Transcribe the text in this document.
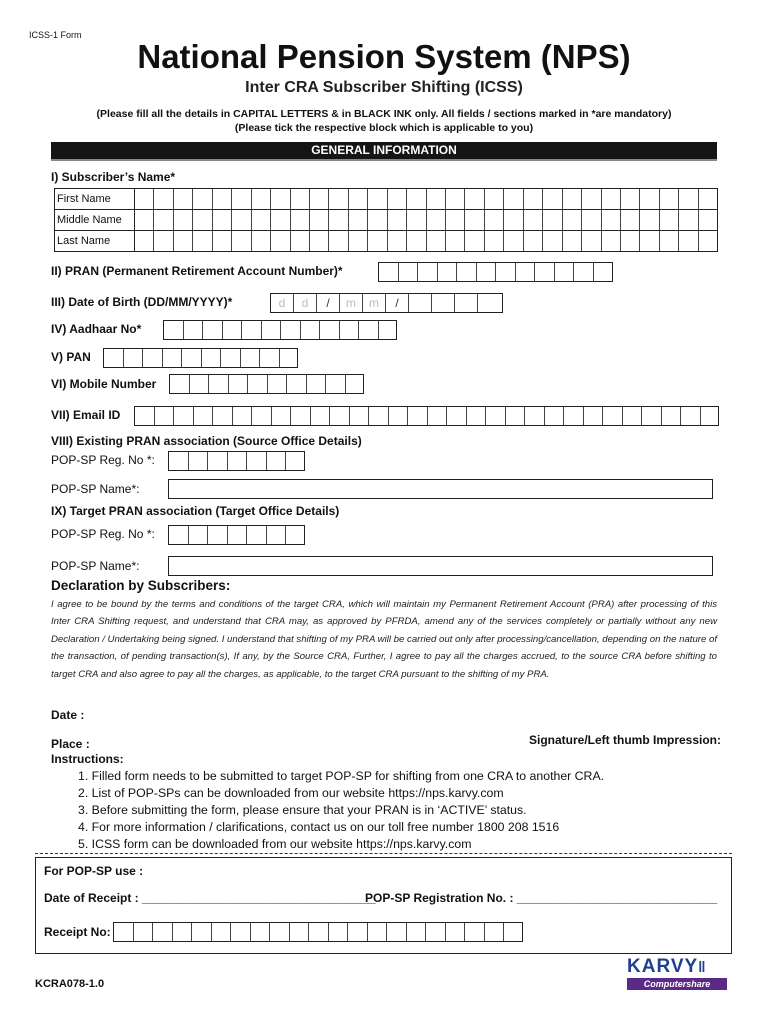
ICSS-1 Form
National Pension System (NPS)
Inter CRA Subscriber Shifting (ICSS)
(Please fill all the details in CAPITAL LETTERS & in BLACK INK only. All fields / sections marked in *are mandatory)
(Please tick the respective block which is applicable to you)
GENERAL INFORMATION
I) Subscriber’s Name*
First Name
Middle Name
Last Name
II) PRAN (Permanent Retirement Account Number)*
III) Date of Birth (DD/MM/YYYY)*	d	d	/	m	m	/	y	y	y	y
IV) Aadhaar No*
V) PAN
VI) Mobile Number
VII) Email ID
VIII) Existing PRAN association (Source Office Details)
POP-SP Reg. No *:
POP-SP Name*:
IX) Target PRAN association (Target Office Details)
POP-SP Reg. No *:
POP-SP Name*:
Declaration by Subscribers:
I agree to be bound by the terms and conditions of the target CRA, which will maintain my Permanent Retirement Account (PRA) after processing of this Inter CRA Shifting request, and understand that CRA may, as approved by PFRDA, amend any of the services completely or partially without any new Declaration / Undertaking being signed. I understand that shifting of my PRA will be carried out only after processing/cancellation, depending on the nature of the transaction, of pending transaction(s), If any, by the Source CRA, Further, I agree to pay all the charges accrued, to the source CRA before shifting to target CRA and also agree to pay all the charges, as applicable, to the target CRA pursuant to the shifting of my PRA.
Date :
Place :	Signature/Left thumb Impression:
Instructions:
1. Filled form needs to be submitted to target POP-SP for shifting from one CRA to another CRA.
2. List of POP-SPs can be downloaded from our website https://nps.karvy.com
3. Before submitting the form, please ensure that your PRAN is in ‘ACTIVE’ status.
4. For more information / clarifications, contact us on our toll free number 1800 208 1516
5. ICSS form can be downloaded from our website https://nps.karvy.com
For POP-SP use :
Date of Receipt : ___________________________________
POP-SP Registration No. : ______________________________
Receipt No:
KCRA078-1.0
KARVY‖
Computershare
